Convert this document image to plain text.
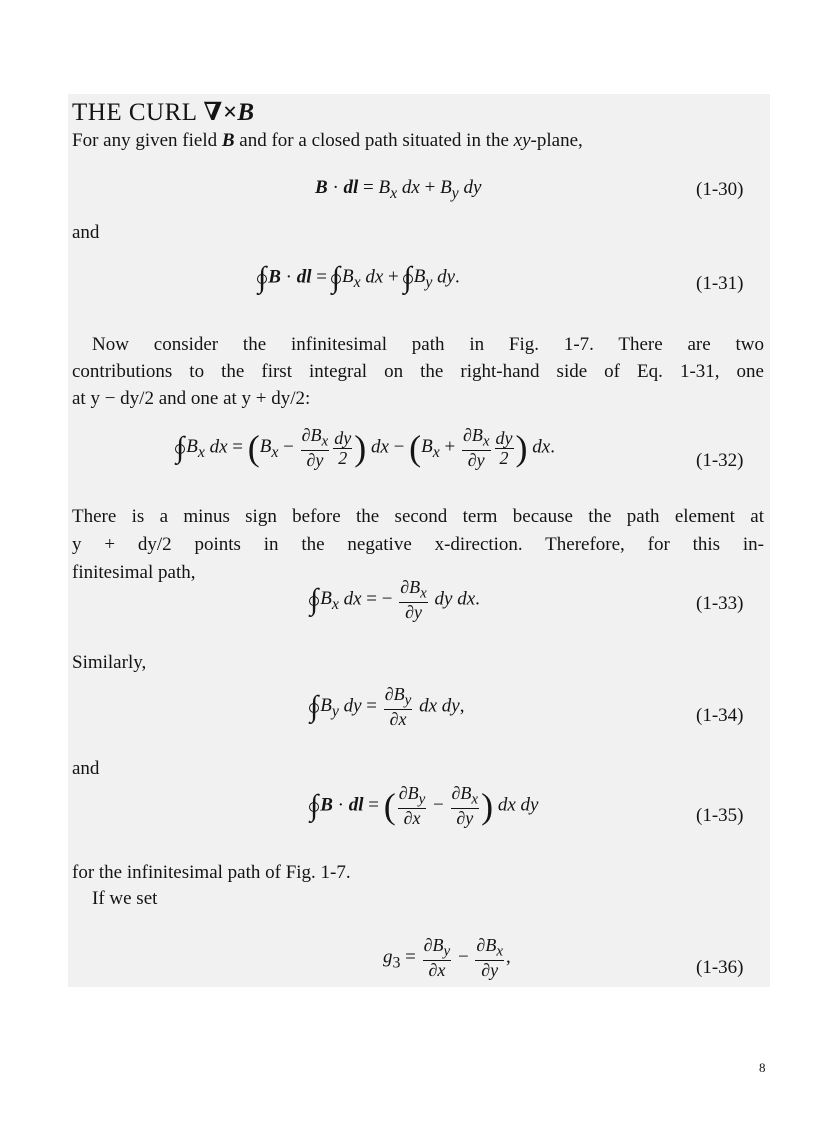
THE CURL ∇×B
For any given field B and for a closed path situated in the xy-plane,
B · dl = $B_x$ dx + $B_y$ dy	(1-30)
and
∫ B · dl = ∫ $B_x$ dx + ∫ $B_y$ dy.	(1-31)
Now consider the infinitesimal path in Fig. 1-7. There are two
contributions to the first integral on the right-hand side of Eq. 1-31, one
at y − dy/2 and one at y + dy/2:
∫ $B_x$ dx = ($B_x - \frac{\partial B_x}{\partial y} \frac{dy}{2}$ ) dx − ($B_x + \frac{\partial B_x}{\partial y} \frac{dy}{2}$ ) dx.
(1-32)
There is a minus sign before the second term because the path element at
y + dy/2 points in the negative x-direction. Therefore, for this in-
finitesimal path,
∫ $B_x$ dx = − $\frac{\partial B_x}{\partial y}$ dy dx.	(1-33)
Similarly,
∫ $B_y$ dy = $\frac{\partial B_y}{\partial x}$ dx dy,	(1-34)
and
∫ B · dl = ( $\frac{\partial B_y}{\partial x} - \frac{\partial B_x}{\partial y}$ ) dx dy
(1-35)
for the infinitesimal path of Fig. 1-7.
If we set
$g_3 = \frac{\partial B_y}{\partial x} - \frac{\partial B_x}{\partial y}$ ,
(1-36)
8
